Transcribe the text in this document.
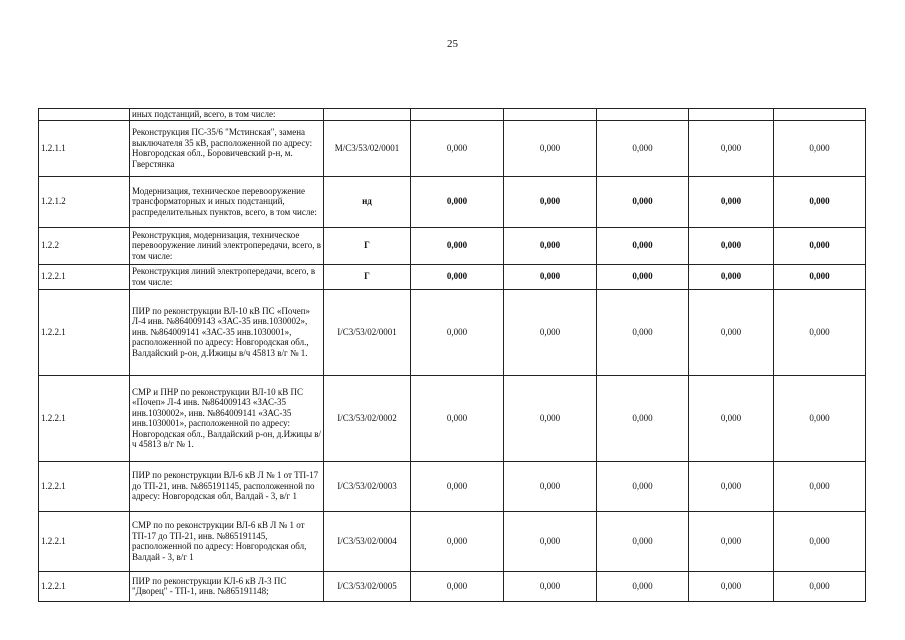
25
	иных подстанций, всего, в том числе:						
1.2.1.1	Реконструкция ПС-35/6 "Мстинская", замена выключателя 35 кВ, расположенной по адресу: Новгородская обл., Боровичевский р-н, м. Гверстянка	M/C3/53/02/0001	0,000	0,000	0,000	0,000	0,000
1.2.1.2	Модернизация, техническое перевооружение трансформаторных и иных подстанций, распределительных пунктов, всего, в том числе:	нд	0,000	0,000	0,000	0,000	0,000
1.2.2	Реконструкция, модернизация, техническое перевооружение линий электропередачи, всего, в том числе:	Г	0,000	0,000	0,000	0,000	0,000
1.2.2.1	Реконструкция линий электропередачи, всего, в том числе:	Г	0,000	0,000	0,000	0,000	0,000
1.2.2.1	ПИР по реконструкции ВЛ-10 кВ ПС «Почеп» Л-4 инв. №864009143 «ЗАС-35 инв.1030002», инв. №864009141 «ЗАС-35 инв.1030001», расположенной по адресу: Новгородская обл., Валдайский р-он, д.Ижицы в/ч 45813 в/г № 1.	I/C3/53/02/0001	0,000	0,000	0,000	0,000	0,000
1.2.2.1	СМР и ПНР по реконструкции ВЛ-10 кВ ПС «Почеп» Л-4 инв. №864009143 «ЗАС-35 инв.1030002», инв. №864009141 «ЗАС-35 инв.1030001», расположенной по адресу: Новгородская обл., Валдайский р-он, д.Ижицы в/ч 45813 в/г № 1.	I/C3/53/02/0002	0,000	0,000	0,000	0,000	0,000
1.2.2.1	ПИР по реконструкции ВЛ-6 кВ Л № 1 от ТП-17 до ТП-21, инв. №865191145, расположенной по адресу: Новгородская обл, Валдай - 3, в/г 1	I/C3/53/02/0003	0,000	0,000	0,000	0,000	0,000
1.2.2.1	СМР по по реконструкции ВЛ-6 кВ Л № 1 от ТП-17 до ТП-21, инв. №865191145, расположенной по адресу: Новгородская обл, Валдай - 3, в/г 1	I/C3/53/02/0004	0,000	0,000	0,000	0,000	0,000
1.2.2.1	ПИР по реконструкции КЛ-6 кВ Л-3 ПС "Дворец" - ТП-1, инв. №865191148;	I/C3/53/02/0005	0,000	0,000	0,000	0,000	0,000
